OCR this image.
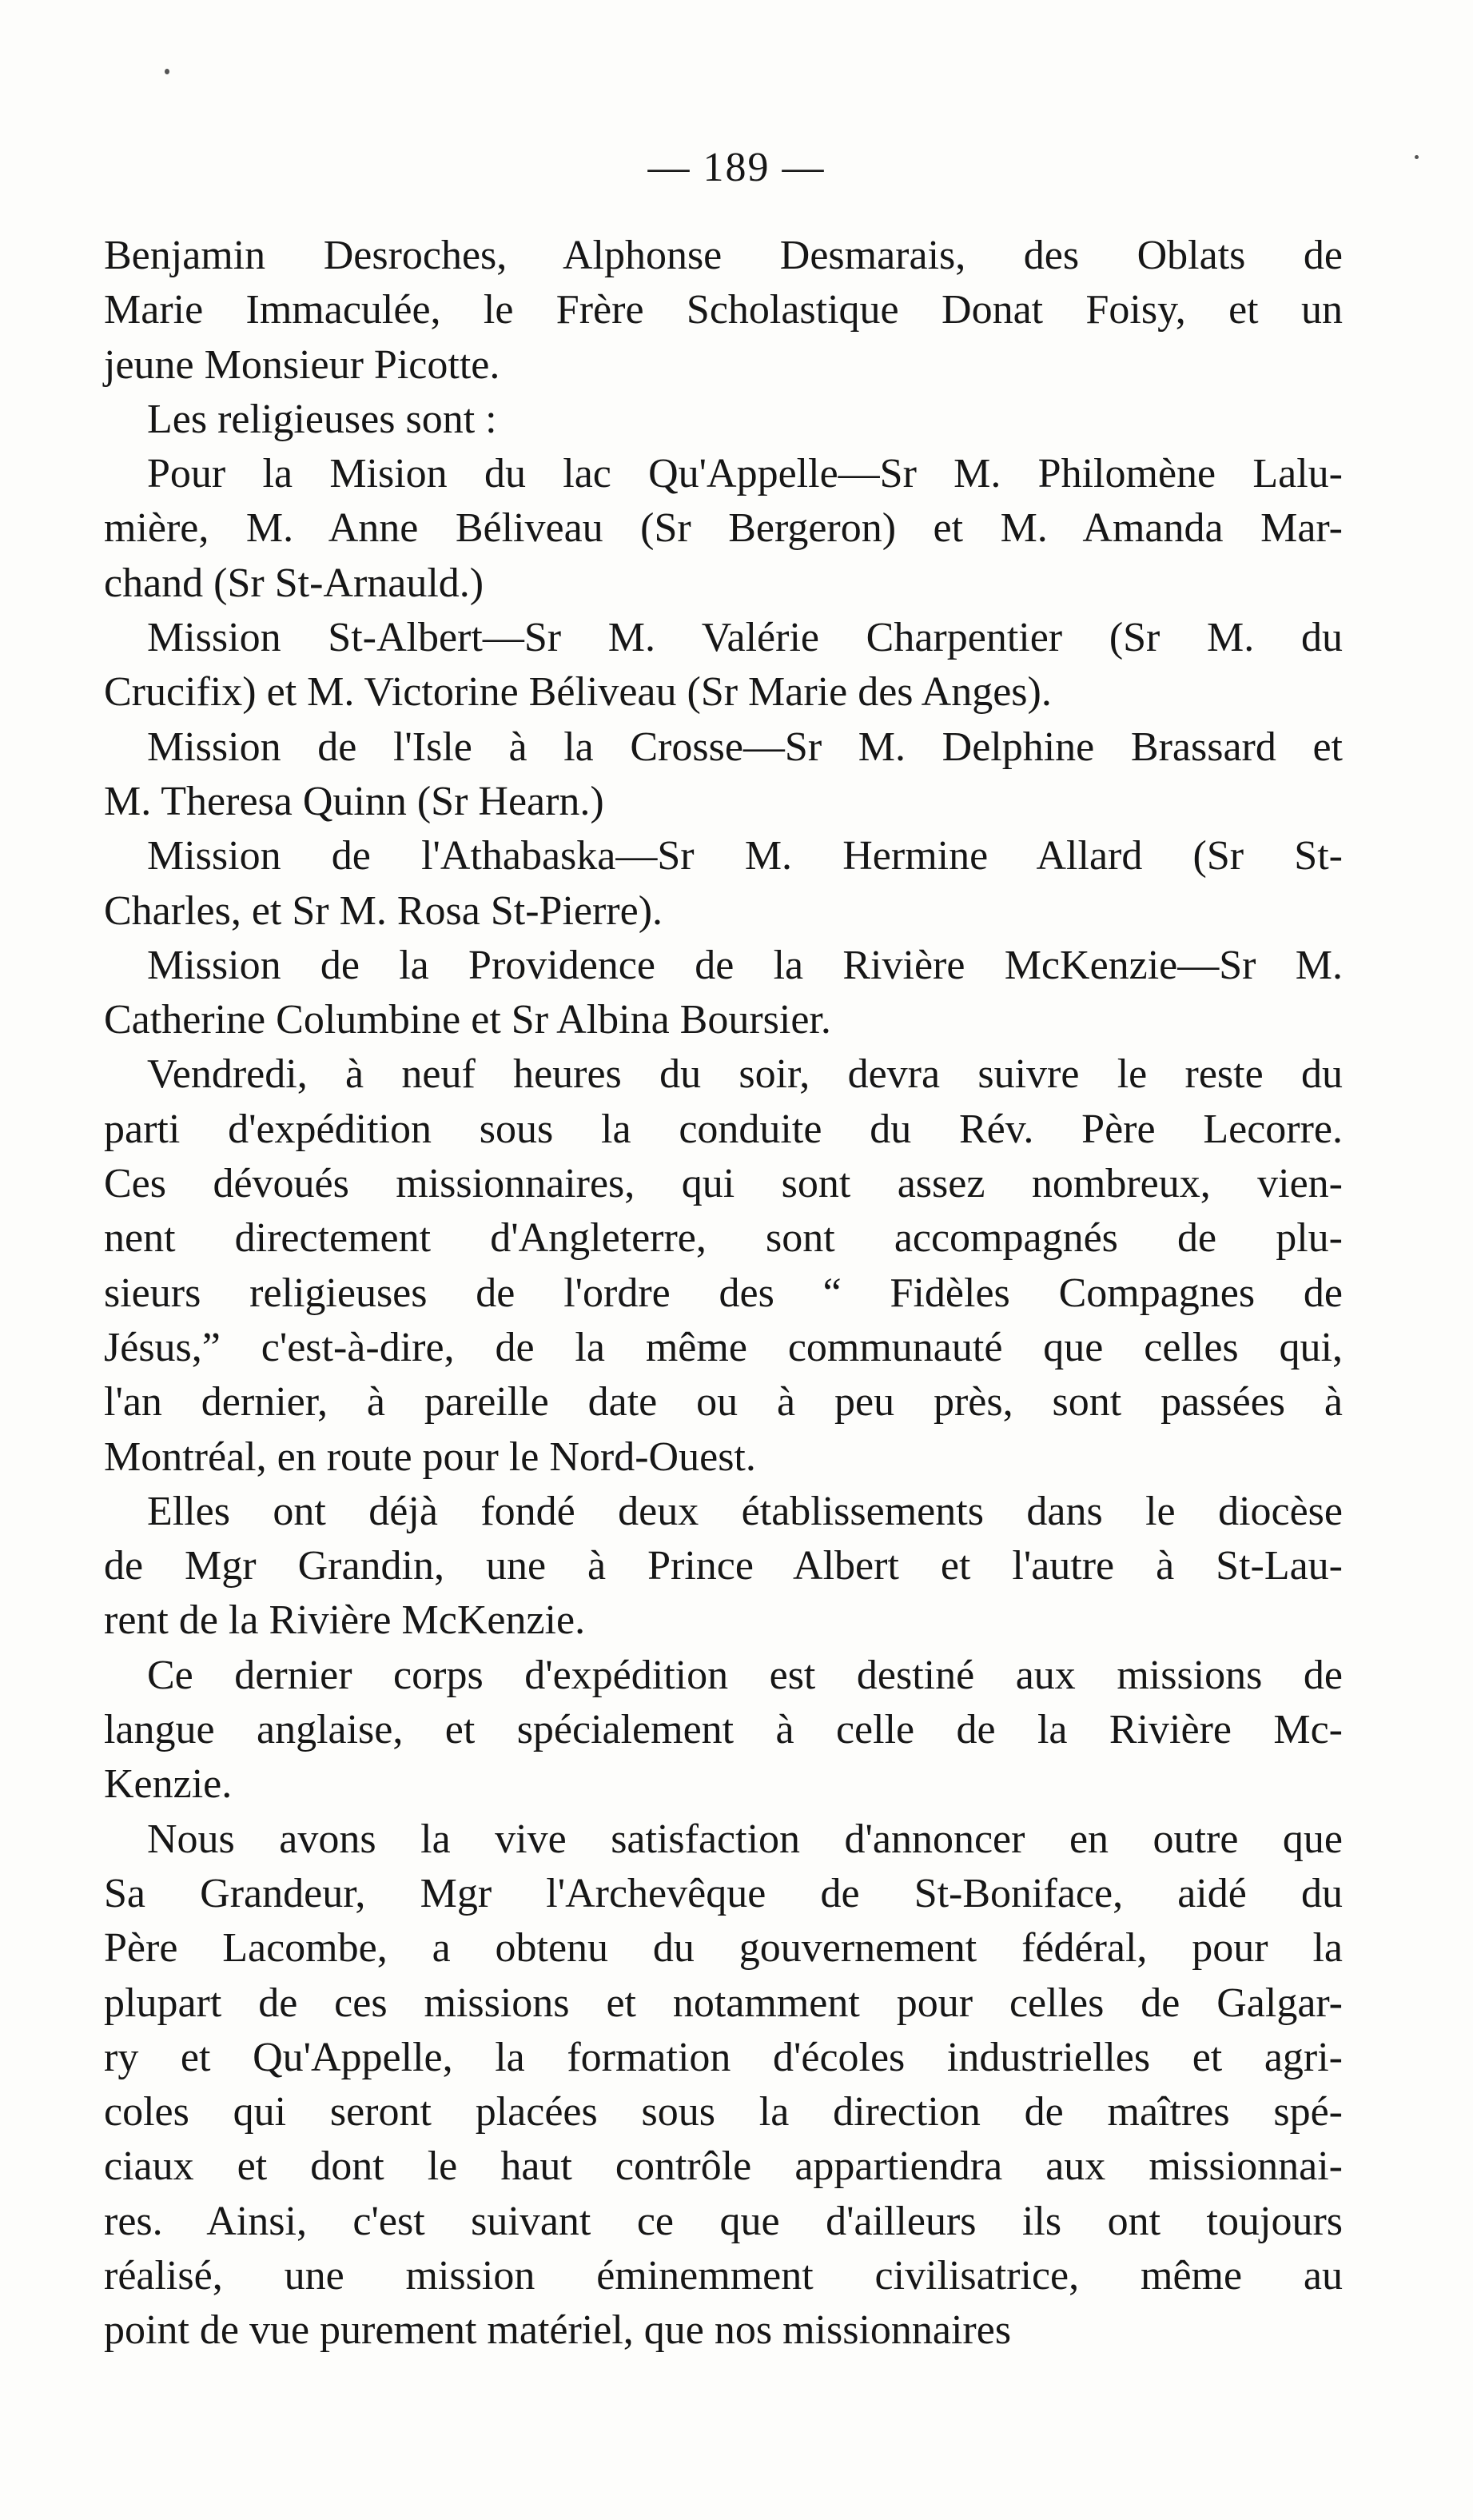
— 189 —
Benjamin Desroches, Alphonse Desmarais, des Oblats de
Marie Immaculée, le Frère Scholastique Donat Foisy, et un
jeune Monsieur Picotte.
Les religieuses sont :
Pour la Mision du lac Qu'Appelle—Sr M. Philomène Lalu-
mière, M. Anne Béliveau (Sr Bergeron) et M. Amanda Mar-
chand (Sr St-Arnauld.)
Mission St-Albert—Sr M. Valérie Charpentier (Sr M. du
Crucifix) et M. Victorine Béliveau (Sr Marie des Anges).
Mission de l'Isle à la Crosse—Sr M. Delphine Brassard et
M. Theresa Quinn (Sr Hearn.)
Mission de l'Athabaska—Sr M. Hermine Allard (Sr St-
Charles, et Sr M. Rosa St-Pierre).
Mission de la Providence de la Rivière McKenzie—Sr M.
Catherine Columbine et Sr Albina Boursier.
Vendredi, à neuf heures du soir, devra suivre le reste du
parti d'expédition sous la conduite du Rév. Père Lecorre.
Ces dévoués missionnaires, qui sont assez nombreux, vien-
nent directement d'Angleterre, sont accompagnés de plu-
sieurs religieuses de l'ordre des “ Fidèles Compagnes de
Jésus,” c'est-à-dire, de la même communauté que celles qui,
l'an dernier, à pareille date ou à peu près, sont passées à
Montréal, en route pour le Nord-Ouest.
Elles ont déjà fondé deux établissements dans le diocèse
de Mgr Grandin, une à Prince Albert et l'autre à St-Lau-
rent de la Rivière McKenzie.
Ce dernier corps d'expédition est destiné aux missions de
langue anglaise, et spécialement à celle de la Rivière Mc-
Kenzie.
Nous avons la vive satisfaction d'annoncer en outre que
Sa Grandeur, Mgr l'Archevêque de St-Boniface, aidé du
Père Lacombe, a obtenu du gouvernement fédéral, pour la
plupart de ces missions et notamment pour celles de Galgar-
ry et Qu'Appelle, la formation d'écoles industrielles et agri-
coles qui seront placées sous la direction de maîtres spé-
ciaux et dont le haut contrôle appartiendra aux missionnai-
res. Ainsi, c'est suivant ce que d'ailleurs ils ont toujours
réalisé, une mission éminemment civilisatrice, même au
point de vue purement matériel, que nos missionnaires
